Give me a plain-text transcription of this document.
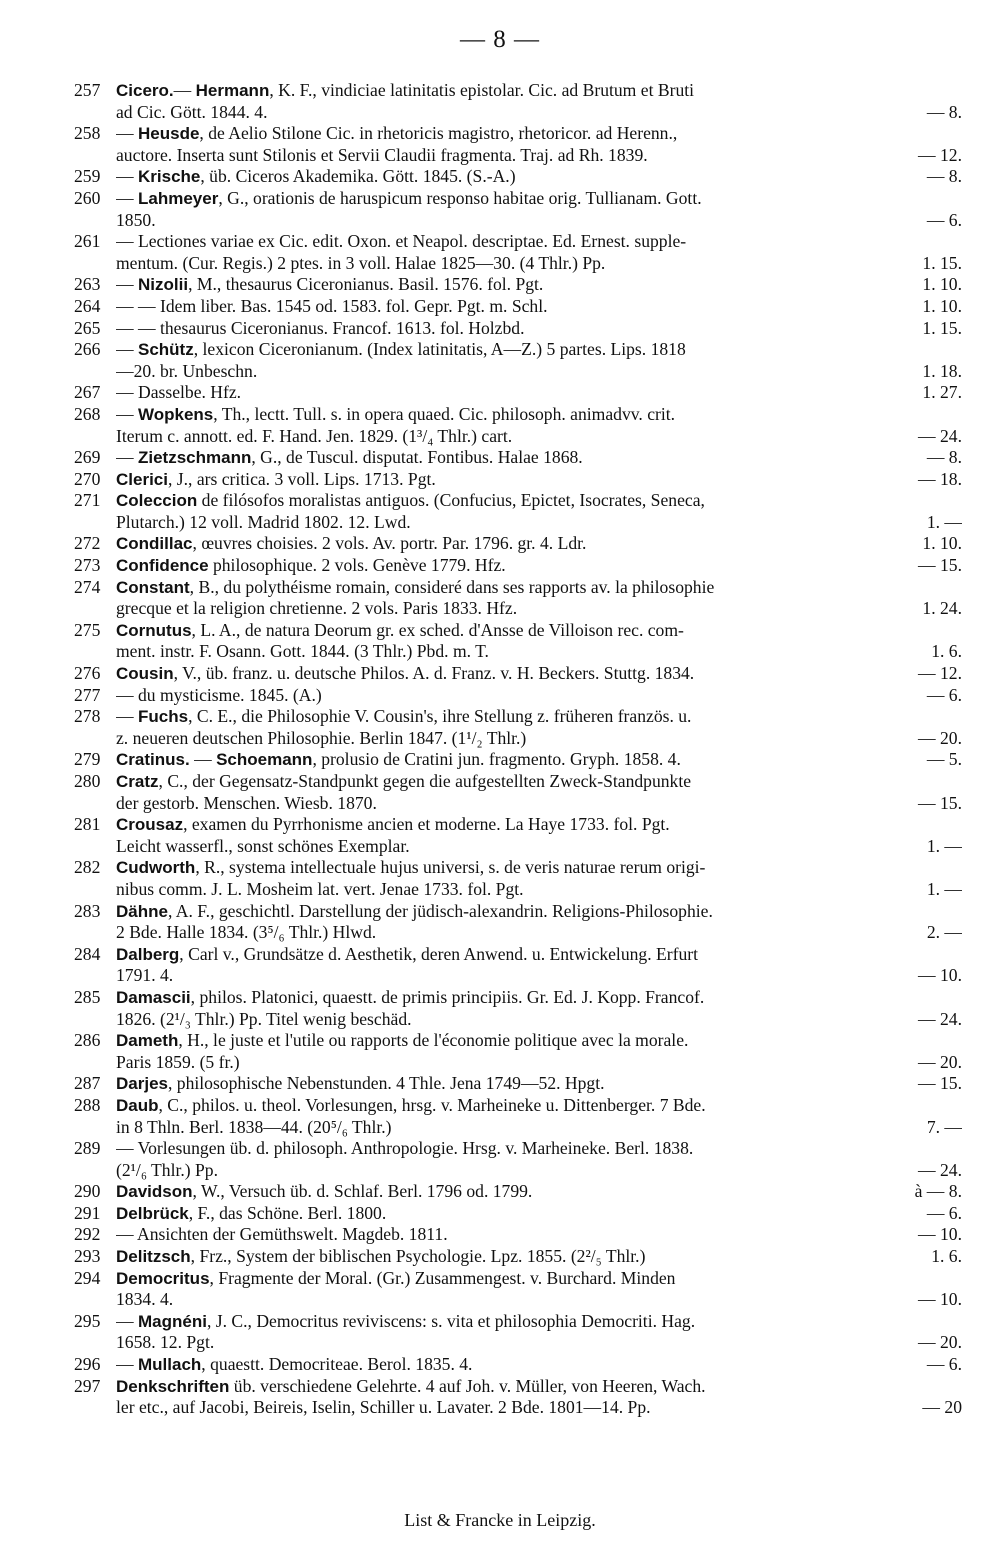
— 8 —
257 Cicero.— Hermann, K. F., vindiciae latinitatis epistolar. Cic. ad Brutum et Bruti
ad Cic. Gött. 1844. 4.	— 8.
258 — Heusde, de Aelio Stilone Cic. in rhetoricis magistro, rhetoricor. ad Herenn.,
auctore. Inserta sunt Stilonis et Servii Claudii fragmenta. Traj. ad Rh. 1839.	— 12.
259 — Krische, üb. Ciceros Akademika. Gött. 1845. (S.-A.)	— 8.
260 — Lahmeyer, G., orationis de haruspicum responso habitae orig. Tullianam. Gott.
1850.	— 6.
261 — Lectiones variae ex Cic. edit. Oxon. et Neapol. descriptae. Ed. Ernest. supple-
mentum. (Cur. Regis.) 2 ptes. in 3 voll. Halae 1825—30. (4 Thlr.) Pp.	1. 15.
263 — Nizolii, M., thesaurus Ciceronianus. Basil. 1576. fol. Pgt.	1. 10.
264 — — Idem liber. Bas. 1545 od. 1583. fol. Gepr. Pgt. m. Schl.	1. 10.
265 — — thesaurus Ciceronianus. Francof. 1613. fol. Holzbd.	1. 15.
266 — Schütz, lexicon Ciceronianum. (Index latinitatis, A—Z.) 5 partes. Lips. 1818
—20. br. Unbeschn.	1. 18.
267 — Dasselbe. Hfz.	1. 27.
268 — Wopkens, Th., lectt. Tull. s. in opera quaed. Cic. philosoph. animadvv. crit.
Iterum c. annott. ed. F. Hand. Jen. 1829. (1³/₄ Thlr.) cart.	— 24.
269 — Zietzschmann, G., de Tuscul. disputat. Fontibus. Halae 1868.	— 8.
270 Clerici, J., ars critica. 3 voll. Lips. 1713. Pgt.	— 18.
271 Coleccion de filósofos moralistas antiguos. (Confucius, Epictet, Isocrates, Seneca,
Plutarch.) 12 voll. Madrid 1802. 12. Lwd.	1. —
272 Condillac, œuvres choisies. 2 vols. Av. portr. Par. 1796. gr. 4. Ldr.	1. 10.
273 Confidence philosophique. 2 vols. Genève 1779. Hfz.	— 15.
274 Constant, B., du polythéisme romain, consideré dans ses rapports av. la philosophie
grecque et la religion chretienne. 2 vols. Paris 1833. Hfz.	1. 24.
275 Cornutus, L. A., de natura Deorum gr. ex sched. d'Ansse de Villoison rec. com-
ment. instr. F. Osann. Gott. 1844. (3 Thlr.) Pbd. m. T.	1. 6.
276 Cousin, V., üb. franz. u. deutsche Philos. A. d. Franz. v. H. Beckers. Stuttg. 1834.	— 12.
277 — du mysticisme. 1845. (A.)	— 6.
278 — Fuchs, C. E., die Philosophie V. Cousin's, ihre Stellung z. früheren französ. u.
z. neueren deutschen Philosophie. Berlin 1847. (1¹/₂ Thlr.)	— 20.
279 Cratinus. — Schoemann, prolusio de Cratini jun. fragmento. Gryph. 1858. 4.	— 5.
280 Cratz, C., der Gegensatz-Standpunkt gegen die aufgestellten Zweck-Standpunkte
der gestorb. Menschen. Wiesb. 1870.	— 15.
281 Crousaz, examen du Pyrrhonisme ancien et moderne. La Haye 1733. fol. Pgt.
Leicht wasserfl., sonst schönes Exemplar.	1. —
282 Cudworth, R., systema intellectuale hujus universi, s. de veris naturae rerum origi-
nibus comm. J. L. Mosheim lat. vert. Jenae 1733. fol. Pgt.	1. —
283 Dähne, A. F., geschichtl. Darstellung der jüdisch-alexandrin. Religions-Philosophie.
2 Bde. Halle 1834. (3⁵/₆ Thlr.) Hlwd.	2. —
284 Dalberg, Carl v., Grundsätze d. Aesthetik, deren Anwend. u. Entwickelung. Erfurt
1791. 4.	— 10.
285 Damascii, philos. Platonici, quaestt. de primis principiis. Gr. Ed. J. Kopp. Francof.
1826. (2¹/₃ Thlr.) Pp. Titel wenig beschäd.	— 24.
286 Dameth, H., le juste et l'utile ou rapports de l'économie politique avec la morale.
Paris 1859. (5 fr.)	— 20.
287 Darjes, philosophische Nebenstunden. 4 Thle. Jena 1749—52. Hpgt.	— 15.
288 Daub, C., philos. u. theol. Vorlesungen, hrsg. v. Marheineke u. Dittenberger. 7 Bde.
in 8 Thln. Berl. 1838—44. (20⁵/₆ Thlr.)	7. —
289 — Vorlesungen üb. d. philosoph. Anthropologie. Hrsg. v. Marheineke. Berl. 1838.
(2¹/₆ Thlr.) Pp.	— 24.
290 Davidson, W., Versuch üb. d. Schlaf. Berl. 1796 od. 1799.	à — 8.
291 Delbrück, F., das Schöne. Berl. 1800.	— 6.
292 — Ansichten der Gemüthswelt. Magdeb. 1811.	— 10.
293 Delitzsch, Frz., System der biblischen Psychologie. Lpz. 1855. (2²/₅ Thlr.)	1. 6.
294 Democritus, Fragmente der Moral. (Gr.) Zusammengest. v. Burchard. Minden
1834. 4.	— 10.
295 — Magnéni, J. C., Democritus reviviscens: s. vita et philosophia Democriti. Hag.
1658. 12. Pgt.	— 20.
296 — Mullach, quaestt. Democriteae. Berol. 1835. 4.	— 6.
297 Denkschriften üb. verschiedene Gelehrte. 4 auf Joh. v. Müller, von Heeren, Wach.
ler etc., auf Jacobi, Beireis, Iselin, Schiller u. Lavater. 2 Bde. 1801—14. Pp.	— 20
List & Francke in Leipzig.
